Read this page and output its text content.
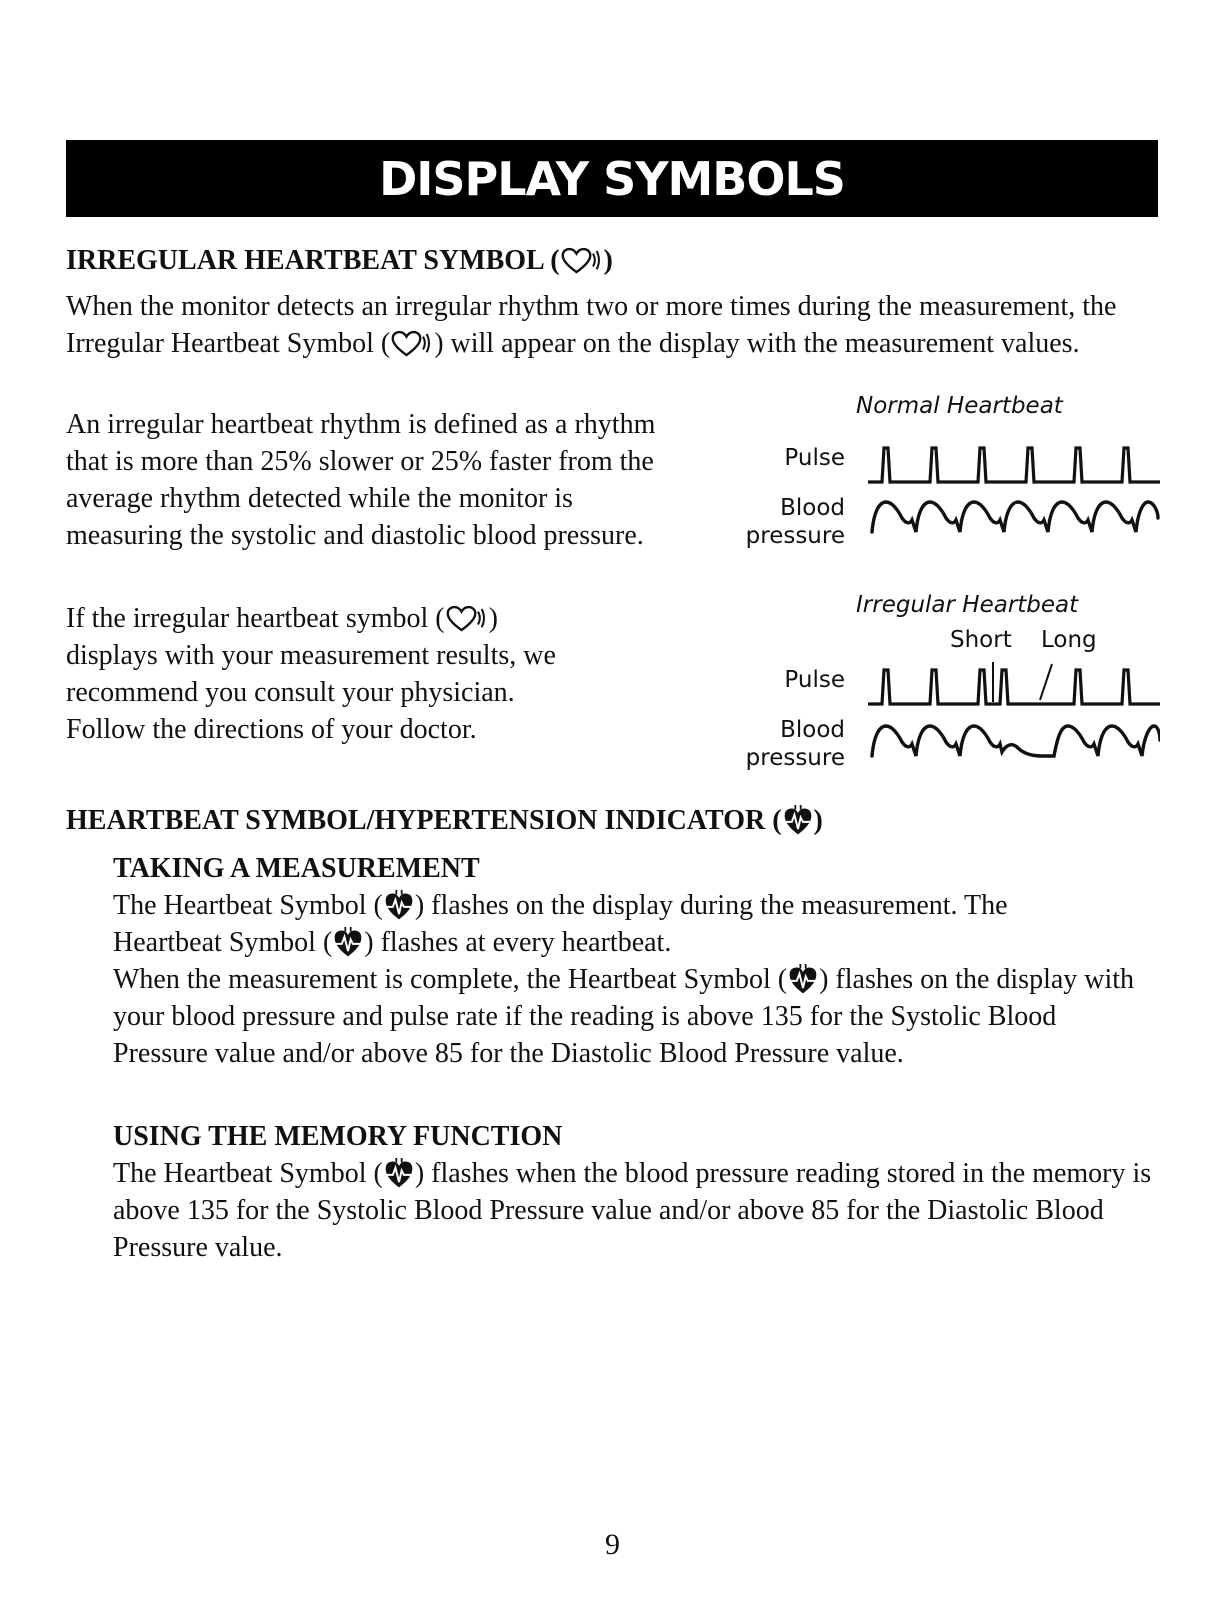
DISPLAY SYMBOLS
IRREGULAR HEARTBEAT SYMBOL ( )
When the monitor detects an irregular rhythm two or more times during the measurement, the Irregular Heartbeat Symbol ( ) will appear on the display with the measurement values.
An irregular heartbeat rhythm is defined as a rhythm that is more than 25% slower or 25% faster from the average rhythm detected while the monitor is measuring the systolic and diastolic blood pressure.
If the irregular heartbeat symbol ( ) displays with your measurement results, we recommend you consult your physician. Follow the directions of your doctor.
Normal Heartbeat
Pulse
Blood
pressure
Irregular Heartbeat
Short Long
Pulse
Blood
pressure
HEARTBEAT SYMBOL/HYPERTENSION INDICATOR ( )
TAKING A MEASUREMENT
The Heartbeat Symbol ( ) flashes on the display during the measurement. The Heartbeat Symbol ( ) flashes at every heartbeat.
When the measurement is complete, the Heartbeat Symbol ( ) flashes on the display with your blood pressure and pulse rate if the reading is above 135 for the Systolic Blood Pressure value and/or above 85 for the Diastolic Blood Pressure value.
USING THE MEMORY FUNCTION
The Heartbeat Symbol ( ) flashes when the blood pressure reading stored in the memory is above 135 for the Systolic Blood Pressure value and/or above 85 for the Diastolic Blood Pressure value.
9
